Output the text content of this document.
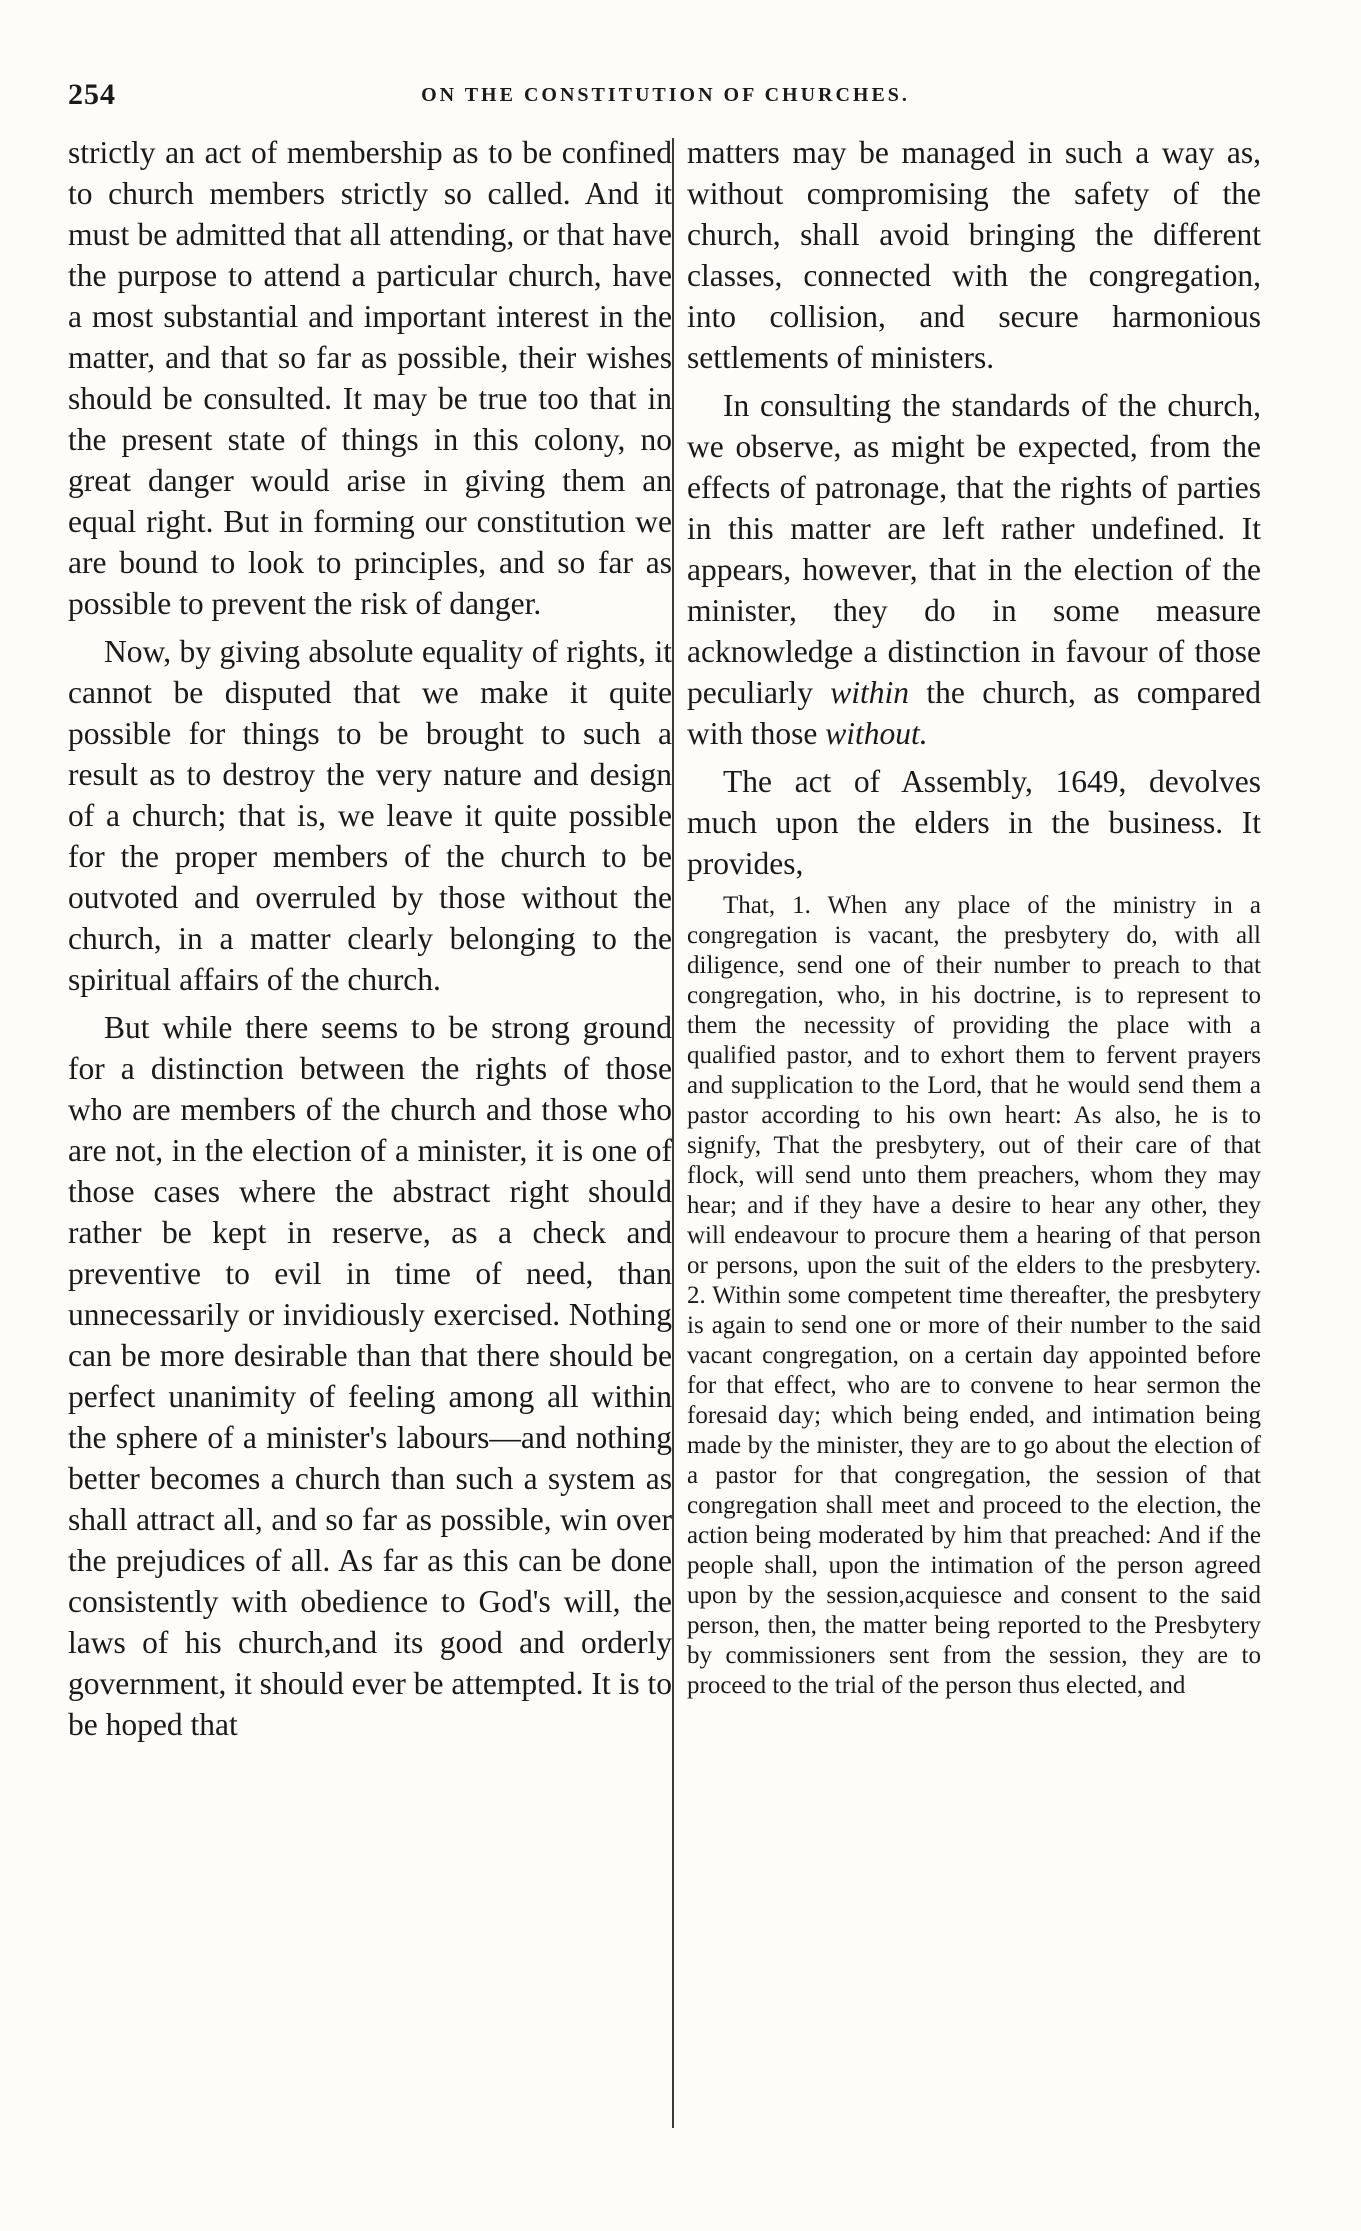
254	ON THE CONSTITUTION OF CHURCHES.

strictly an act of membership as to be confined to church members strictly so called. And it must be admitted that all attending, or that have the purpose to attend a particular church, have a most substantial and important interest in the matter, and that so far as possible, their wishes should be consulted. It may be true too that in the present state of things in this colony, no great danger would arise in giving them an equal right. But in forming our constitution we are bound to look to principles, and so far as possible to prevent the risk of danger.

Now, by giving absolute equality of rights, it cannot be disputed that we make it quite possible for things to be brought to such a result as to destroy the very nature and design of a church; that is, we leave it quite possible for the proper members of the church to be outvoted and overruled by those without the church, in a matter clearly belonging to the spiritual affairs of the church.

But while there seems to be strong ground for a distinction between the rights of those who are members of the church and those who are not, in the election of a minister, it is one of those cases where the abstract right should rather be kept in reserve, as a check and preventive to evil in time of need, than unnecessarily or invidiously exercised. Nothing can be more desirable than that there should be perfect unanimity of feeling among all within the sphere of a minister's labours—and nothing better becomes a church than such a system as shall attract all, and so far as possible, win over the prejudices of all. As far as this can be done consistently with obedience to God's will, the laws of his church,and its good and orderly government, it should ever be attempted. It is to be hoped that

matters may be managed in such a way as, without compromising the safety of the church, shall avoid bringing the different classes, connected with the congregation, into collision, and secure harmonious settlements of ministers.

In consulting the standards of the church, we observe, as might be expected, from the effects of patronage, that the rights of parties in this matter are left rather undefined. It appears, however, that in the election of the minister, they do in some measure acknowledge a distinction in favour of those peculiarly within the church, as compared with those without.

The act of Assembly, 1649, devolves much upon the elders in the business. It provides,

That, 1. When any place of the ministry in a congregation is vacant, the presbytery do, with all diligence, send one of their number to preach to that congregation, who, in his doctrine, is to represent to them the necessity of providing the place with a qualified pastor, and to exhort them to fervent prayers and supplication to the Lord, that he would send them a pastor according to his own heart: As also, he is to signify, That the presbytery, out of their care of that flock, will send unto them preachers, whom they may hear; and if they have a desire to hear any other, they will endeavour to procure them a hearing of that person or persons, upon the suit of the elders to the presbytery. 2. Within some competent time thereafter, the presbytery is again to send one or more of their number to the said vacant congregation, on a certain day appointed before for that effect, who are to convene to hear sermon the foresaid day; which being ended, and intimation being made by the minister, they are to go about the election of a pastor for that congregation, the session of that congregation shall meet and proceed to the election, the action being moderated by him that preached: And if the people shall, upon the intimation of the person agreed upon by the session,acquiesce and consent to the said person, then, the matter being reported to the Presbytery by commissioners sent from the session, they are to proceed to the trial of the person thus elected, and
